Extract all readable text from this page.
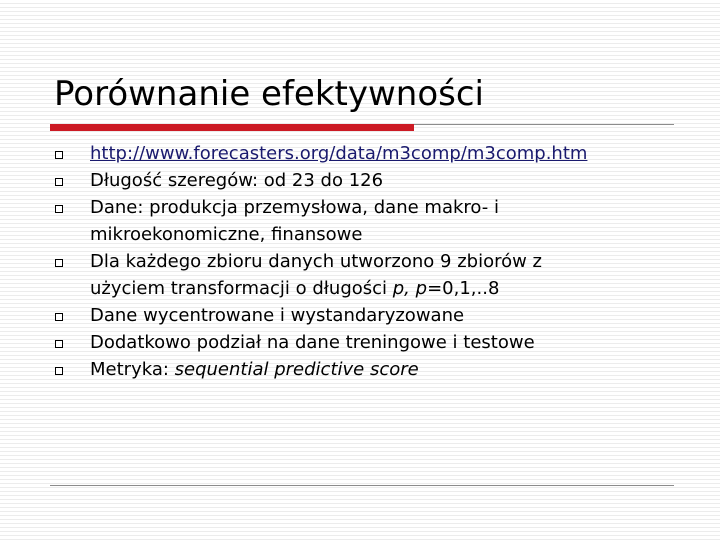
Porównanie efektywności
http://www.forecasters.org/data/m3comp/m3comp.htm
Długość szeregów: od 23 do 126
Dane: produkcja przemysłowa, dane makro- i mikroekonomiczne, finansowe
Dla każdego zbioru danych utworzono 9 zbiorów z
użyciem transformacji o długości p, p=0,1,..8
Dane wycentrowane i wystandaryzowane
Dodatkowo podział na dane treningowe i testowe
Metryka: sequential predictive score
